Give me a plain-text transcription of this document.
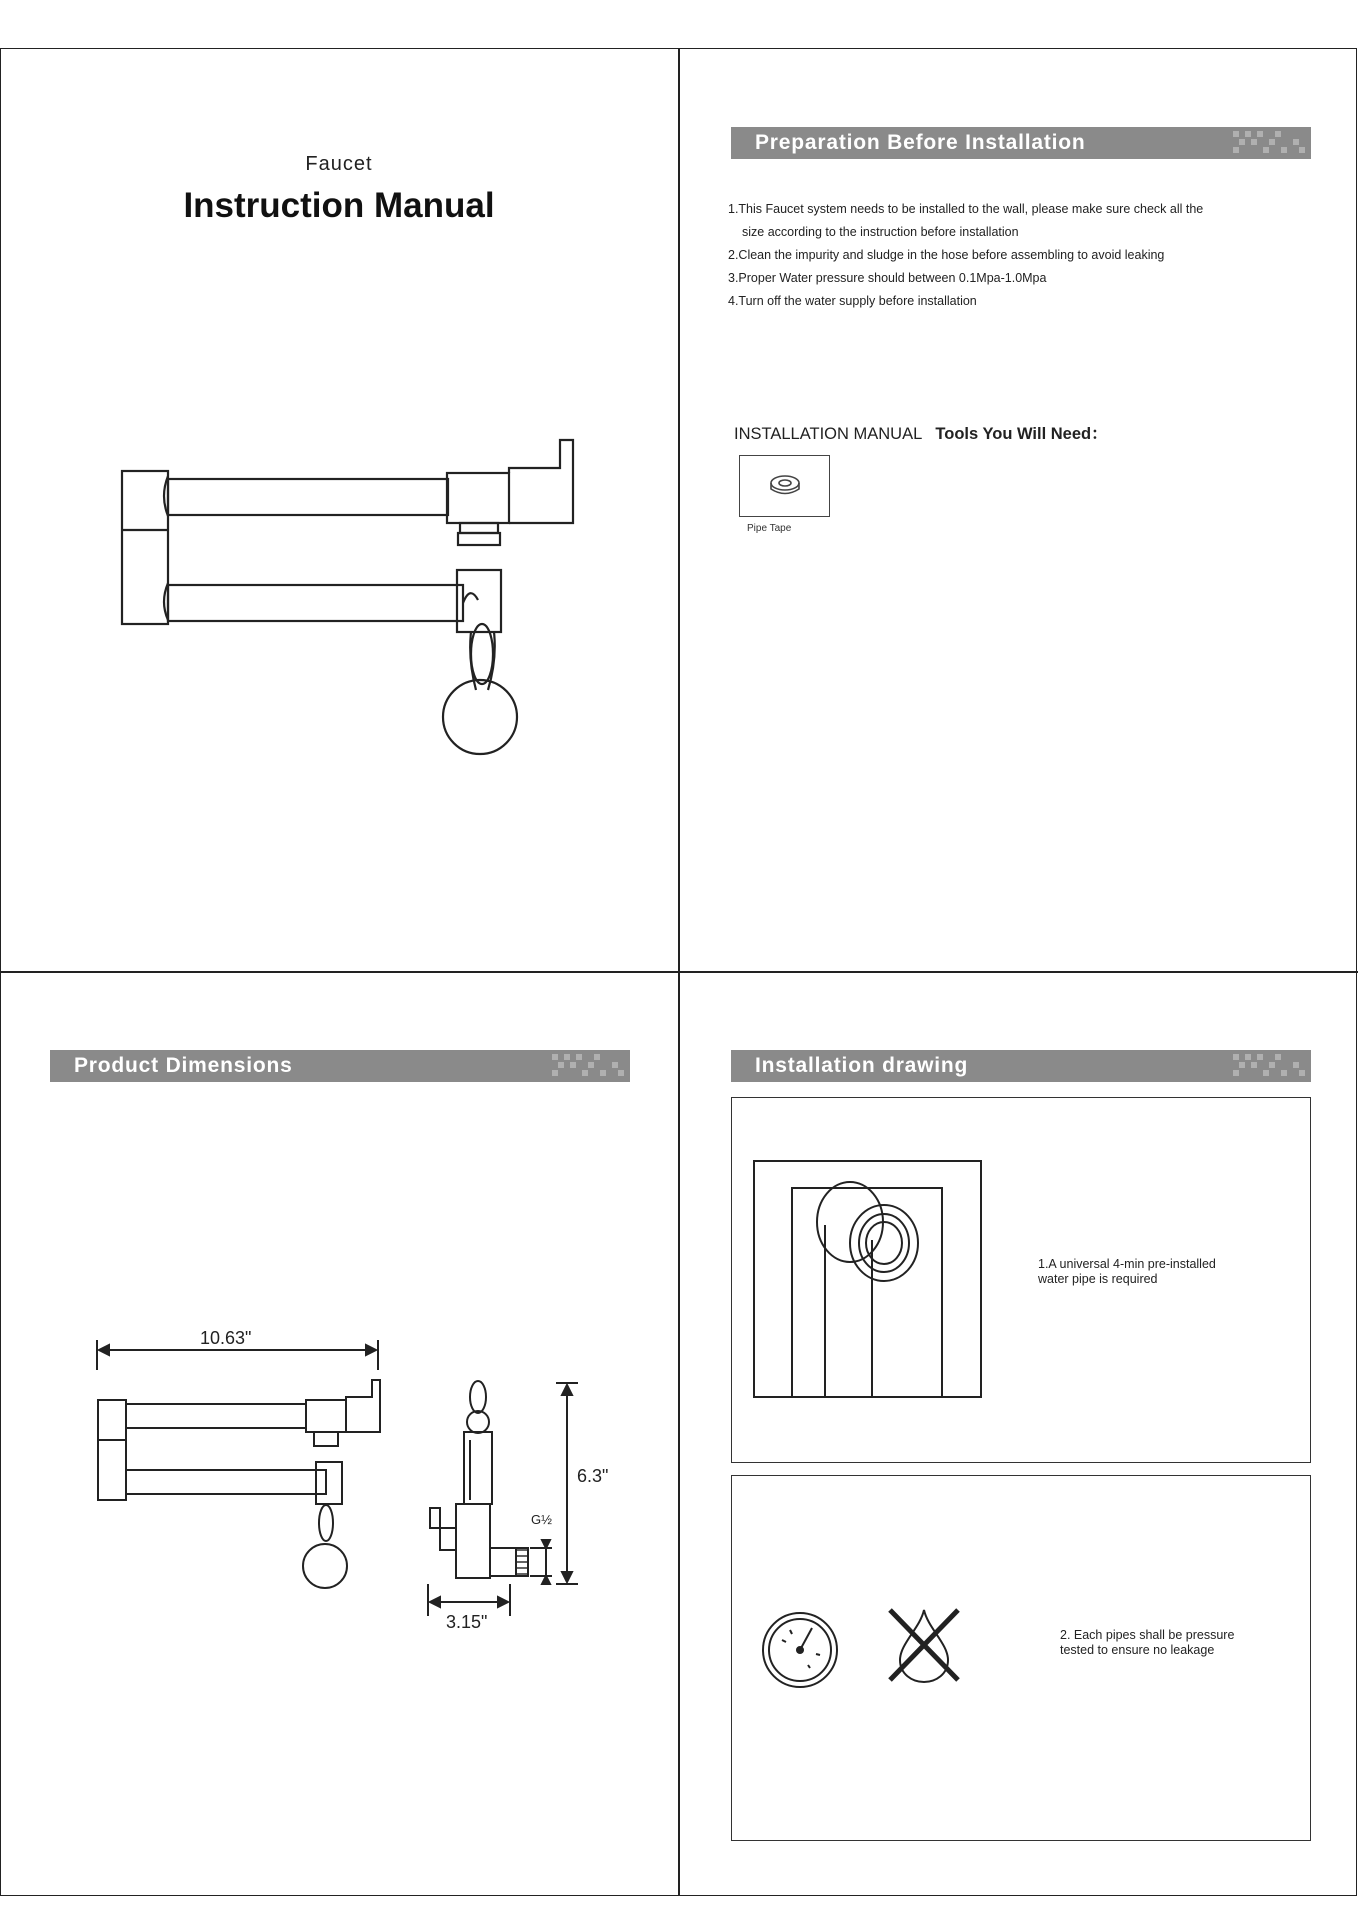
Faucet
Instruction Manual
Preparation Before Installation
1.This Faucet system needs to be installed to the wall, please make sure check all the
size according to the instruction before installation
2.Clean the impurity and sludge in the hose before assembling to avoid leaking
3.Proper Water pressure should between 0.1Mpa-1.0Mpa
4.Turn off the water supply before installation
INSTALLATION MANUAL Tools You Will Need：
Pipe Tape
Product Dimensions
10.63"
6.3"
G½
3.15"
Installation drawing
1.A universal 4-min pre-installed
water pipe is required
2. Each pipes shall be pressure
tested to ensure no leakage
